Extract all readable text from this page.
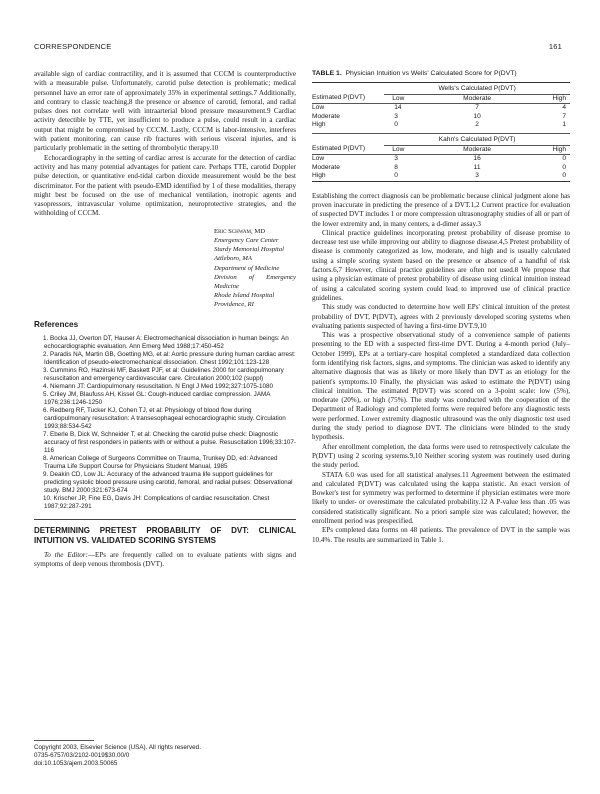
CORRESPONDENCE	161

available sign of cardiac contractility, and it is assumed that CCCM is counterproductive with a measurable pulse. Unfortunately, carotid pulse detection is problematic; medical personnel have an error rate of approximately 35% in experimental settings.7 Additionally, and contrary to classic teaching,8 the presence or absence of carotid, femoral, and radial pulses does not correlate well with intraarterial blood pressure measurement.9 Cardiac activity detectible by TTE, yet insufficient to produce a pulse, could result in a cardiac output that might be compromised by CCCM. Lastly, CCCM is labor-intensive, interferes with patient monitoring, can cause rib fractures with serious visceral injuries, and is particularly problematic in the setting of thrombolytic therapy.10

Echocardiography in the setting of cardiac arrest is accurate for the detection of cardiac activity and has many potential advantages for patient care. Perhaps TTE, carotid Doppler pulse detection, or quantitative end-tidal carbon dioxide measurement would be the best discriminator. For the patient with pseudo-EMD identified by 1 of these modalities, therapy might best be focused on the use of mechanical ventilation, inotropic agents and vasopressors, intravascular volume optimization, neuroprotective strategies, and the withholding of CCCM.

Eric Schwam, MD
Emergency Care Center
Sturdy Memorial Hospital
Attleboro, MA
Department of Medicine
Division of Emergency Medicine
Rhode Island Hospital
Providence, RI
References
1. Bocka JJ, Overton DT, Hauser A: Electromechanical dissociation in human beings: An echocardiographic evaluation. Ann Emerg Med 1988;17:450-452
2. Paradis NA, Martin GB, Goetting MG, et al: Aortic pressure during human cardiac arrest: Identification of pseudo-electromechanical dissociation. Chest 1992;101:123-128
3. Cummins RO, Hazinski MF, Baskett PJF, et al: Guidelines 2000 for cardiopulmonary resuscitation and emergency cardiovascular care. Circulation 2000;102 (suppl)
4. Niemann JT: Cardiopulmonary resuscitation. N Engl J Med 1992;327:1075-1080
5. Criley JM, Blaufuss AH, Kissel GL: Cough-induced cardiac compression. JAMA 1976;236:1246-1250
6. Redberg RF, Tucker KJ, Cohen TJ, et al: Physiology of blood flow during cardiopulmonary resuscitation: A transesophageal echocardiographic study. Circulation 1993;88:534-542
7. Eberle B, Dick W, Schneider T, et al: Checking the carotid pulse check: Diagnostic accuracy of first responders in patients with or without a pulse. Resuscitation 1996;33:107-116
8. American College of Surgeons Committee on Trauma, Trunkey DD, ed: Advanced Trauma Life Support Course for Physicians Student Manual, 1985
9. Deakin CD, Low JL: Accuracy of the advanced trauma life support guidelines for predicting systolic blood pressure using carotid, femoral, and radial pulses: Observational study. BMJ 2000;321:673-674
10. Krischer JP, Fine EG, Davis JH: Complications of cardiac resuscitation. Chest 1987;92:287-291
DETERMINING PRETEST PROBABILITY OF DVT: CLINICAL INTUITION VS. VALIDATED SCORING SYSTEMS

To the Editor:—EPs are frequently called on to evaluate patients with signs and symptoms of deep venous thrombosis (DVT).

Copyright 2003, Elsevier Science (USA). All rights reserved.
0735-6757/03/2102-0019$30.00/0
doi:10.1053/ajem.2003.50065
TABLE 1. Physician Intuition vs Wells' Calculated Score for P(DVT)

Estimated P(DVT)	Wells's Calculated P(DVT)		
	Low	Moderate	High
Low	14	7	4
Moderate	3	10	7
High	0	2	1

Estimated P(DVT)	Kahn's Calculated P(DVT)		
	Low	Moderate	High
Low	3	16	0
Moderate	8	11	0
High	0	3	0

Establishing the correct diagnosis can be problematic because clinical judgment alone has proven inaccurate in predicting the presence of a DVT.1,2 Current practice for evaluation of suspected DVT includes 1 or more compression ultrasonography studies of all or part of the lower extremity and, in many centers, a d-dimer assay.3

Clinical practice guidelines incorporating pretest probability of disease promise to decrease test use while improving our ability to diagnose disease.4,5 Pretest probability of disease is commonly categorized as low, moderate, and high and is usually calculated using a simple scoring system based on the presence or absence of a handful of risk factors.6,7 However, clinical practice guidelines are often not used.8 We propose that using a physician estimate of pretest probability of disease using clinical intuition instead of using a calculated scoring system could lead to improved use of clinical practice guidelines.

This study was conducted to determine how well EPs' clinical intuition of the pretest probability of DVT, P(DVT), agrees with 2 previously developed scoring systems when evaluating patients suspected of having a first-time DVT.9,10

This was a prospective observational study of a convenience sample of patients presenting to the ED with a suspected first-time DVT. During a 4-month period (July–October 1999), EPs at a tertiary-care hospital completed a standardized data collection form identifying risk factors, signs, and symptoms. The clinician was asked to identify any alternative diagnosis that was as likely or more likely than DVT as an etiology for the patient's symptoms.10 Finally, the physician was asked to estimate the P(DVT) using clinical intuition. The estimated P(DVT) was scored on a 3-point scale: low (5%), moderate (20%), or high (75%). The study was conducted with the cooperation of the Department of Radiology and completed forms were required before any diagnostic tests were performed. Lower extremity diagnostic ultrasound was the only diagnostic test used during the study period to diagnose DVT. The clinicians were blinded to the study hypothesis.

After enrollment completion, the data forms were used to retrospectively calculate the P(DVT) using 2 scoring systems.9,10 Neither scoring system was routinely used during the study period.

STATA 6.0 was used for all statistical analyses.11 Agreement between the estimated and calculated P(DVT) was calculated using the kappa statistic. An exact version of Bowker's test for symmetry was performed to determine if physician estimates were more likely to under- or overestimate the calculated probability.12 A P-value less than .05 was considered statistically significant. No a priori sample size was calculated; however, the enrollment period was prespecified.

EPs completed data forms on 48 patients. The prevalence of DVT in the sample was 10.4%. The results are summarized in Table 1.
